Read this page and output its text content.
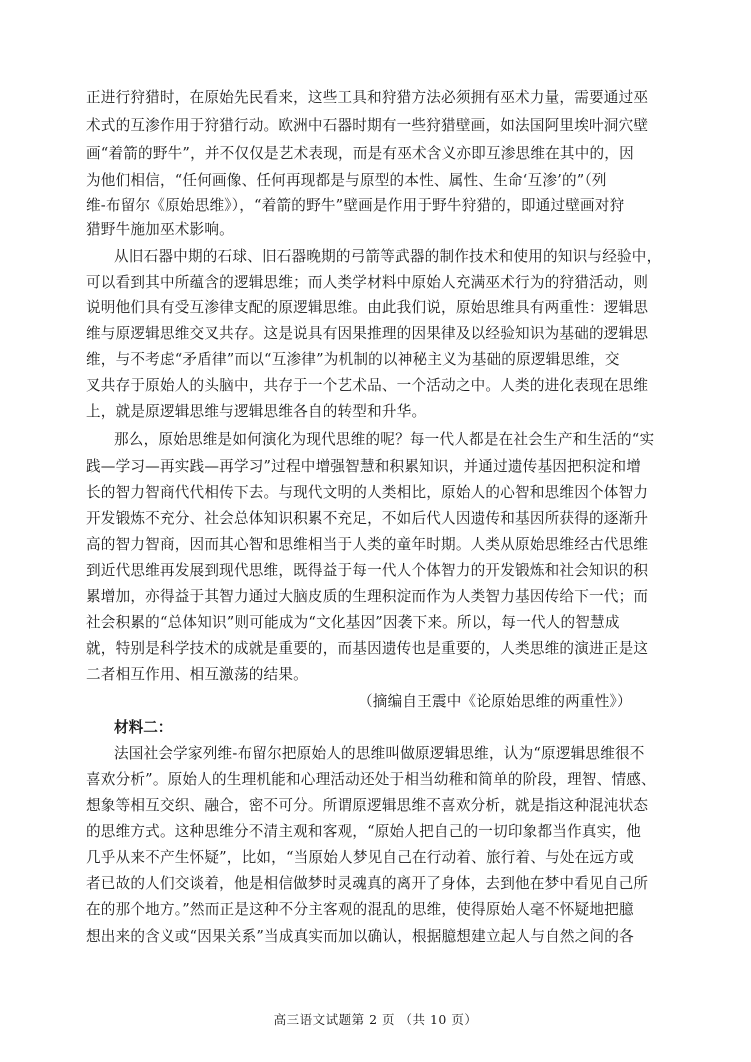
正进行狩猎时，在原始先民看来，这些工具和狩猎方法必须拥有巫术力量，需要通过巫
术式的互渗作用于狩猎行动。欧洲中石器时期有一些狩猎壁画，如法国阿里埃叶洞穴壁
画“着箭的野牛”，并不仅仅是艺术表现，而是有巫术含义亦即互渗思维在其中的，因
为他们相信，“任何画像、任何再现都是与原型的本性、属性、生命‘互渗’的”（列
维-布留尔《原始思维》），“着箭的野牛”壁画是作用于野牛狩猎的，即通过壁画对狩
猎野牛施加巫术影响。
从旧石器中期的石球、旧石器晚期的弓箭等武器的制作技术和使用的知识与经验中，
可以看到其中所蕴含的逻辑思维；而人类学材料中原始人充满巫术行为的狩猎活动，则
说明他们具有受互渗律支配的原逻辑思维。由此我们说，原始思维具有两重性：逻辑思
维与原逻辑思维交叉共存。这是说具有因果推理的因果律及以经验知识为基础的逻辑思
维，与不考虑“矛盾律”而以“互渗律”为机制的以神秘主义为基础的原逻辑思维，交
叉共存于原始人的头脑中，共存于一个艺术品、一个活动之中。人类的进化表现在思维
上，就是原逻辑思维与逻辑思维各自的转型和升华。
那么，原始思维是如何演化为现代思维的呢？每一代人都是在社会生产和生活的“实
践—学习—再实践—再学习”过程中增强智慧和积累知识，并通过遗传基因把积淀和增
长的智力智商代代相传下去。与现代文明的人类相比，原始人的心智和思维因个体智力
开发锻炼不充分、社会总体知识积累不充足，不如后代人因遗传和基因所获得的逐渐升
高的智力智商，因而其心智和思维相当于人类的童年时期。人类从原始思维经古代思维
到近代思维再发展到现代思维，既得益于每一代人个体智力的开发锻炼和社会知识的积
累增加，亦得益于其智力通过大脑皮质的生理积淀而作为人类智力基因传给下一代；而
社会积累的“总体知识”则可能成为“文化基因”因袭下来。所以，每一代人的智慧成
就，特别是科学技术的成就是重要的，而基因遗传也是重要的，人类思维的演进正是这
二者相互作用、相互激荡的结果。
（摘编自王震中《论原始思维的两重性》）
材料二：
法国社会学家列维-布留尔把原始人的思维叫做原逻辑思维，认为“原逻辑思维很不
喜欢分析”。原始人的生理机能和心理活动还处于相当幼稚和简单的阶段，理智、情感、
想象等相互交织、融合，密不可分。所谓原逻辑思维不喜欢分析，就是指这种混沌状态
的思维方式。这种思维分不清主观和客观，“原始人把自己的一切印象都当作真实，他
几乎从来不产生怀疑”，比如，“当原始人梦见自己在行动着、旅行着、与处在远方或
者已故的人们交谈着，他是相信做梦时灵魂真的离开了身体，去到他在梦中看见自己所
在的那个地方。”然而正是这种不分主客观的混乱的思维，使得原始人毫不怀疑地把臆
想出来的含义或“因果关系”当成真实而加以确认，根据臆想建立起人与自然之间的各
高三语文试题第 2 页 （共 10 页）
